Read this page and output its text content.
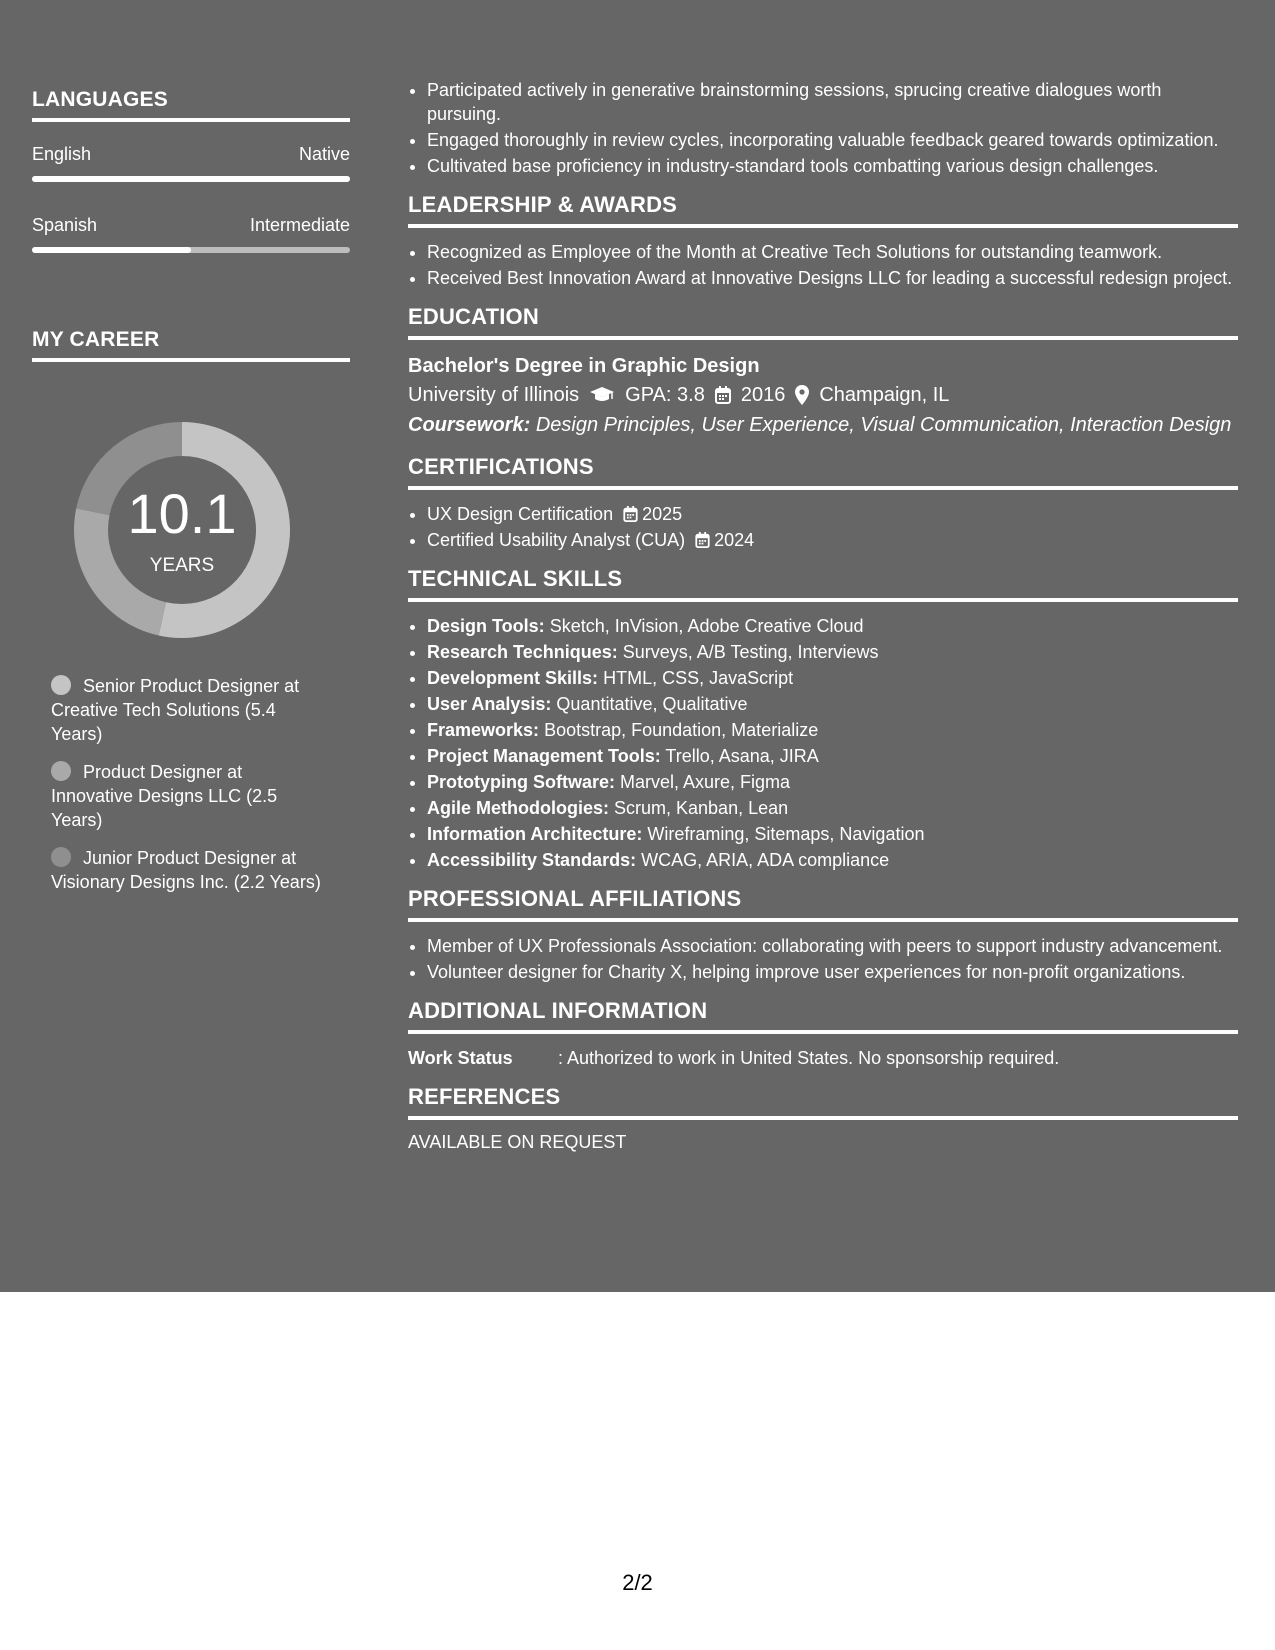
LANGUAGES
English	Native
Spanish	Intermediate
MY CAREER
10.1
YEARS
Senior Product Designer at Creative Tech Solutions (5.4 Years)
Product Designer at Innovative Designs LLC (2.5 Years)
Junior Product Designer at Visionary Designs Inc. (2.2 Years)
• Participated actively in generative brainstorming sessions, sprucing creative dialogues worth pursuing.
• Engaged thoroughly in review cycles, incorporating valuable feedback geared towards optimization.
• Cultivated base proficiency in industry-standard tools combatting various design challenges.
LEADERSHIP & AWARDS
• Recognized as Employee of the Month at Creative Tech Solutions for outstanding teamwork.
• Received Best Innovation Award at Innovative Designs LLC for leading a successful redesign project.
EDUCATION
Bachelor's Degree in Graphic Design
University of Illinois GPA: 3.8 2016 Champaign, IL
Coursework: Design Principles, User Experience, Visual Communication, Interaction Design
CERTIFICATIONS
• UX Design Certification 2025
• Certified Usability Analyst (CUA) 2024
TECHNICAL SKILLS
• Design Tools: Sketch, InVision, Adobe Creative Cloud
• Research Techniques: Surveys, A/B Testing, Interviews
• Development Skills: HTML, CSS, JavaScript
• User Analysis: Quantitative, Qualitative
• Frameworks: Bootstrap, Foundation, Materialize
• Project Management Tools: Trello, Asana, JIRA
• Prototyping Software: Marvel, Axure, Figma
• Agile Methodologies: Scrum, Kanban, Lean
• Information Architecture: Wireframing, Sitemaps, Navigation
• Accessibility Standards: WCAG, ARIA, ADA compliance
PROFESSIONAL AFFILIATIONS
• Member of UX Professionals Association: collaborating with peers to support industry advancement.
• Volunteer designer for Charity X, helping improve user experiences for non-profit organizations.
ADDITIONAL INFORMATION
Work Status	: Authorized to work in United States. No sponsorship required.
REFERENCES
AVAILABLE ON REQUEST
2/2
